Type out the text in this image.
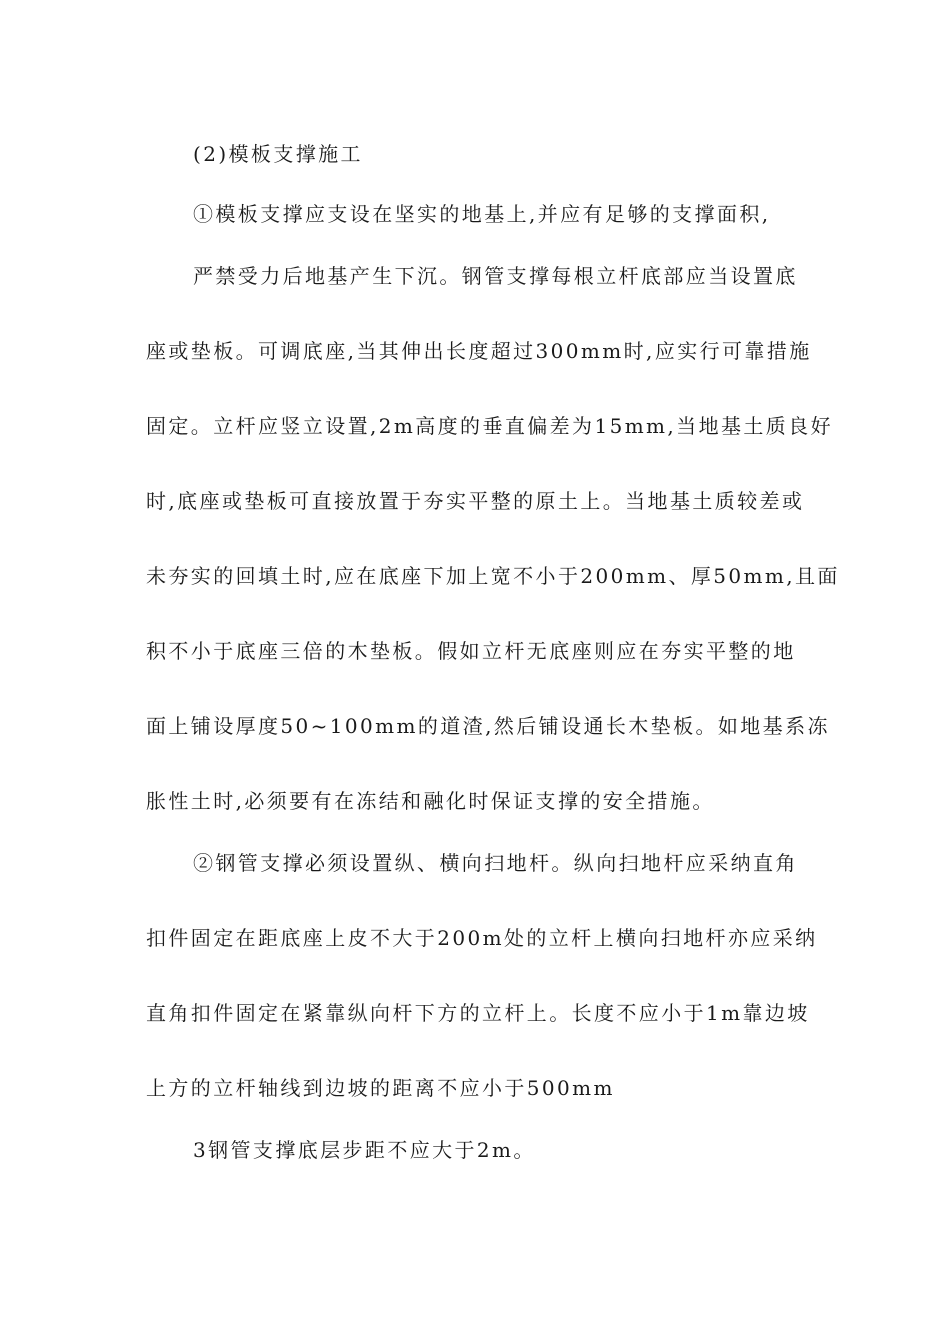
(2)模板支撑施工
①模板支撑应支设在坚实的地基上,并应有足够的支撑面积,
严禁受力后地基产生下沉。钢管支撑每根立杆底部应当设置底
座或垫板。可调底座,当其伸出长度超过300mm时,应实行可靠措施
固定。立杆应竖立设置,2m高度的垂直偏差为15mm,当地基土质良好
时,底座或垫板可直接放置于夯实平整的原土上。当地基土质较差或
未夯实的回填土时,应在底座下加上宽不小于200mm、厚50mm,且面
积不小于底座三倍的木垫板。假如立杆无底座则应在夯实平整的地
面上铺设厚度50~100mm的道渣,然后铺设通长木垫板。如地基系冻
胀性土时,必须要有在冻结和融化时保证支撑的安全措施。
②钢管支撑必须设置纵、横向扫地杆。纵向扫地杆应采纳直角
扣件固定在距底座上皮不大于200m处的立杆上横向扫地杆亦应采纳
直角扣件固定在紧靠纵向杆下方的立杆上。长度不应小于1m靠边坡
上方的立杆轴线到边坡的距离不应小于500mm
3钢管支撑底层步距不应大于2m。
